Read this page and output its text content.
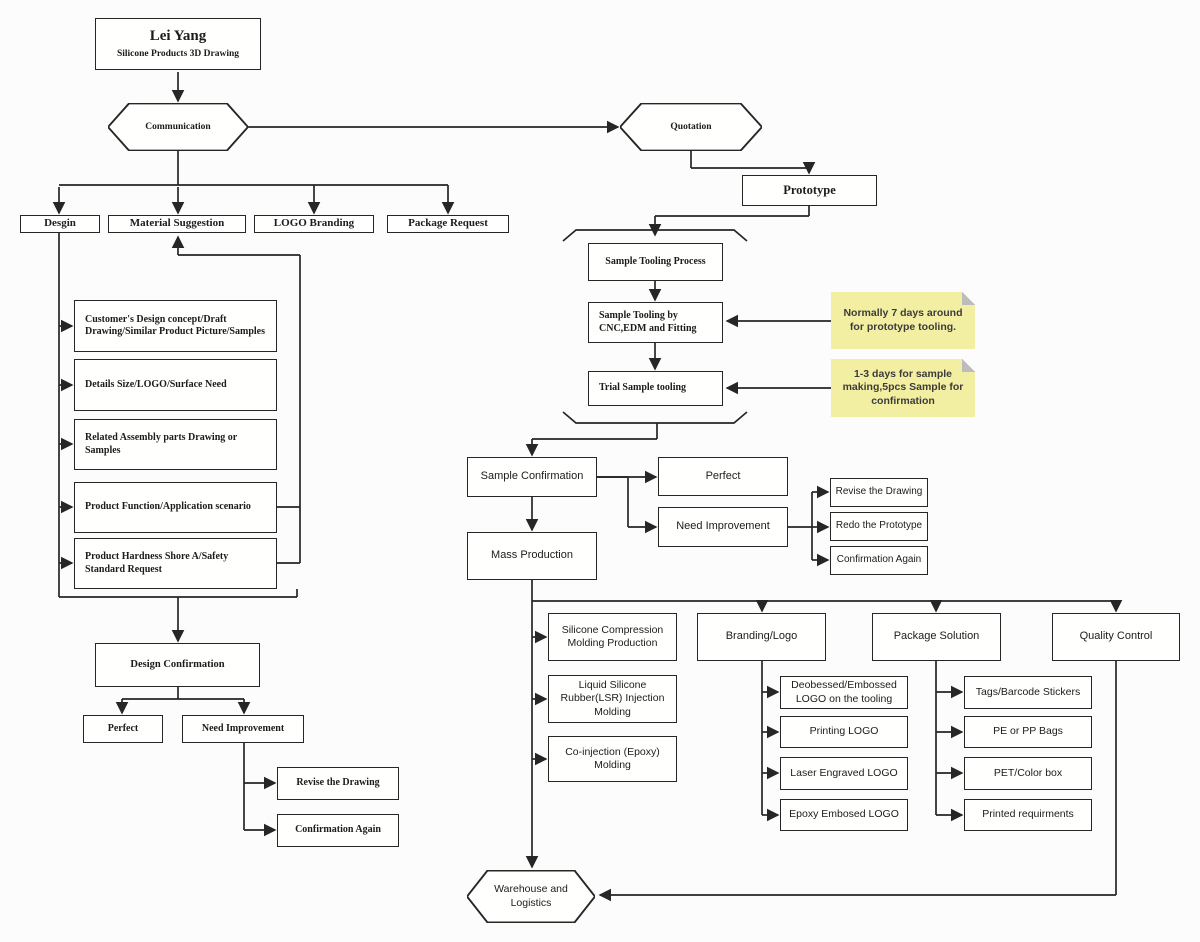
Lei Yang
Silicone Products 3D Drawing
Communication	Quotation
Warehouse and Logistics
Prototype
Desgin	Material Suggestion	LOGO Branding	Package Request
Customer's Design concept/Draft Drawing/Similar Product Picture/Samples
Details Size/LOGO/Surface Need
Related Assembly parts Drawing or Samples
Product Function/Application scenario
Product Hardness Shore A/Safety Standard Request
Design Confirmation
Perfect	Need Improvement
Revise the Drawing
Confirmation Again
Sample Tooling Process
Sample Tooling by CNC,EDM and Fitting
Trial Sample tooling
Normally 7 days around for prototype tooling.
1-3 days for sample making,5pcs Sample for confirmation
Sample Confirmation
Mass Production
Perfect
Need Improvement
Revise the Drawing
Redo the Prototype
Confirmation Again
Silicone Compression Molding Production
Liquid Silicone Rubber(LSR) Injection Molding
Co-injection (Epoxy) Molding
Branding/Logo
Deobessed/Embossed LOGO on the tooling
Printing LOGO
Laser Engraved LOGO
Epoxy Embosed LOGO
Package Solution
Tags/Barcode Stickers
PE or PP Bags
PET/Color box
Printed requirments
Quality Control
